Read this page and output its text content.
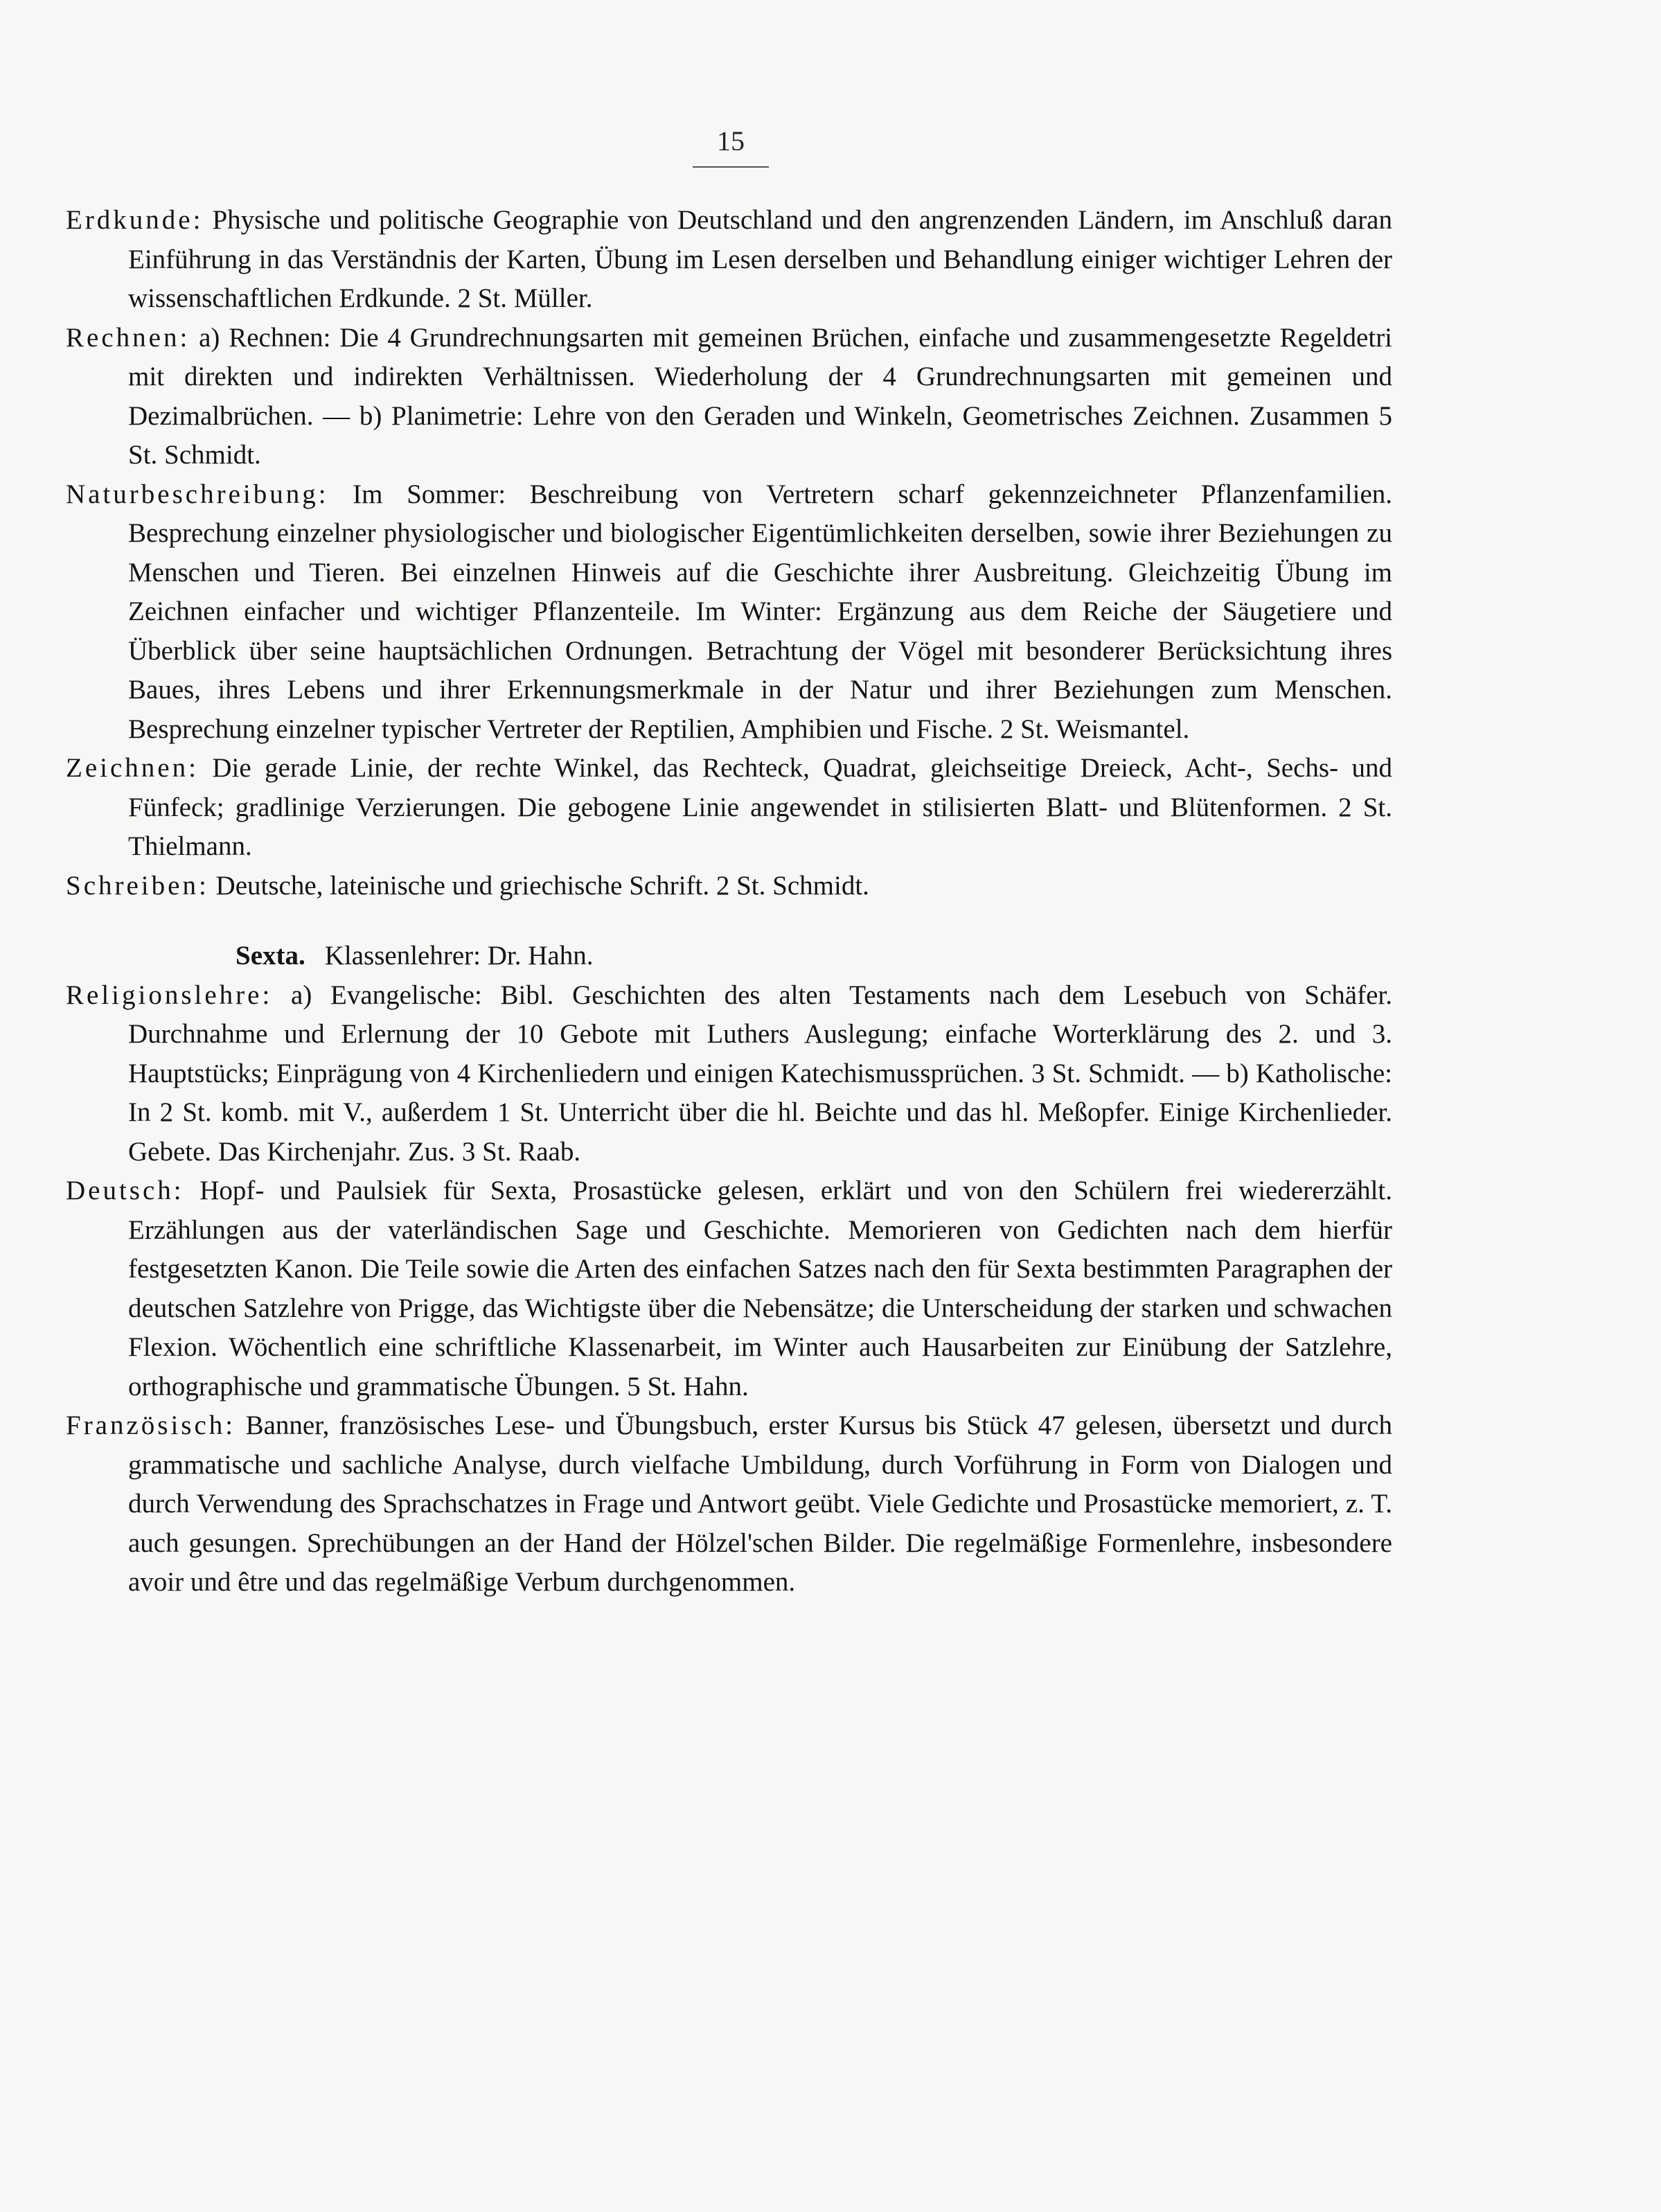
15

Erdkunde: Physische und politische Geographie von Deutschland und den angrenzenden Ländern, im Anschluß daran Einführung in das Verständnis der Karten, Übung im Lesen derselben und Behandlung einiger wichtiger Lehren der wissenschaftlichen Erdkunde. 2 St. Müller.

Rechnen: a) Rechnen: Die 4 Grundrechnungsarten mit gemeinen Brüchen, einfache und zusammengesetzte Regeldetri mit direkten und indirekten Verhältnissen. Wiederholung der 4 Grundrechnungsarten mit gemeinen und Dezimalbrüchen. — b) Planimetrie: Lehre von den Geraden und Winkeln, Geometrisches Zeichnen. Zusammen 5 St. Schmidt.

Naturbeschreibung: Im Sommer: Beschreibung von Vertretern scharf gekennzeichneter Pflanzenfamilien. Besprechung einzelner physiologischer und biologischer Eigentümlichkeiten derselben, sowie ihrer Beziehungen zu Menschen und Tieren. Bei einzelnen Hinweis auf die Geschichte ihrer Ausbreitung. Gleichzeitig Übung im Zeichnen einfacher und wichtiger Pflanzenteile. Im Winter: Ergänzung aus dem Reiche der Säugetiere und Überblick über seine hauptsächlichen Ordnungen. Betrachtung der Vögel mit besonderer Berücksichtung ihres Baues, ihres Lebens und ihrer Erkennungsmerkmale in der Natur und ihrer Beziehungen zum Menschen. Besprechung einzelner typischer Vertreter der Reptilien, Amphibien und Fische. 2 St. Weismantel.

Zeichnen: Die gerade Linie, der rechte Winkel, das Rechteck, Quadrat, gleichseitige Dreieck, Acht-, Sechs- und Fünfeck; gradlinige Verzierungen. Die gebogene Linie angewendet in stilisierten Blatt- und Blütenformen. 2 St. Thielmann.

Schreiben: Deutsche, lateinische und griechische Schrift. 2 St. Schmidt.

Sexta. Klassenlehrer: Dr. Hahn.

Religionslehre: a) Evangelische: Bibl. Geschichten des alten Testaments nach dem Lesebuch von Schäfer. Durchnahme und Erlernung der 10 Gebote mit Luthers Auslegung; einfache Worterklärung des 2. und 3. Hauptstücks; Einprägung von 4 Kirchenliedern und einigen Katechismussprüchen. 3 St. Schmidt. — b) Katholische: In 2 St. komb. mit V., außerdem 1 St. Unterricht über die hl. Beichte und das hl. Meßopfer. Einige Kirchenlieder. Gebete. Das Kirchenjahr. Zus. 3 St. Raab.

Deutsch: Hopf- und Paulsiek für Sexta, Prosastücke gelesen, erklärt und von den Schülern frei wiedererzählt. Erzählungen aus der vaterländischen Sage und Geschichte. Memorieren von Gedichten nach dem hierfür festgesetzten Kanon. Die Teile sowie die Arten des einfachen Satzes nach den für Sexta bestimmten Paragraphen der deutschen Satzlehre von Prigge, das Wichtigste über die Nebensätze; die Unterscheidung der starken und schwachen Flexion. Wöchentlich eine schriftliche Klassenarbeit, im Winter auch Hausarbeiten zur Einübung der Satzlehre, orthographische und grammatische Übungen. 5 St. Hahn.

Französisch: Banner, französisches Lese- und Übungsbuch, erster Kursus bis Stück 47 gelesen, übersetzt und durch grammatische und sachliche Analyse, durch vielfache Umbildung, durch Vorführung in Form von Dialogen und durch Verwendung des Sprachschatzes in Frage und Antwort geübt. Viele Gedichte und Prosastücke memoriert, z. T. auch gesungen. Sprechübungen an der Hand der Hölzel'schen Bilder. Die regelmäßige Formenlehre, insbesondere avoir und être und das regelmäßige Verbum durchgenommen.
